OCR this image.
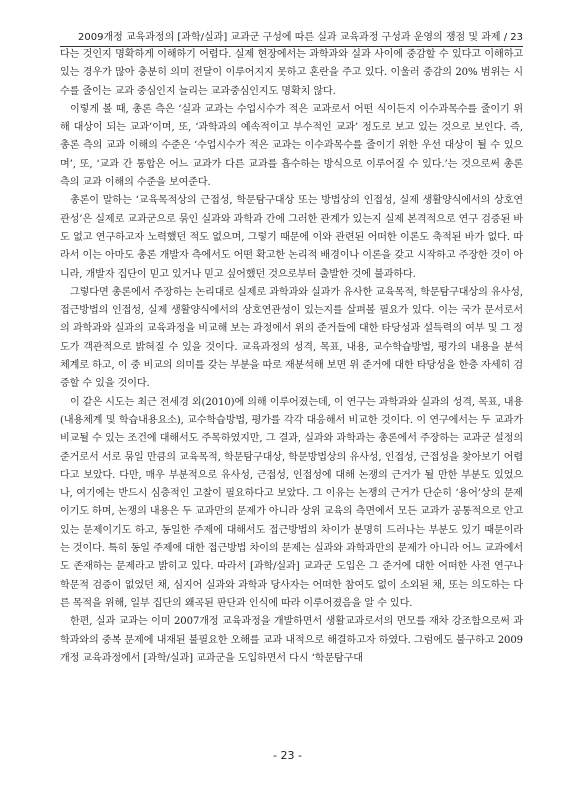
2009개정 교육과정의 [과학/실과] 교과군 구성에 따른 실과 교육과정 구성과 운영의 쟁점 및 과제 / 23

다는 것인지 명확하게 이해하기 어렵다. 실제 현장에서는 과학과와 실과 사이에 중감할 수 있다고 이해하고 있는 경우가 많아 충분히 의미 전달이 이루어지지 못하고 혼란을 주고 있다. 이울러 중감의 20% 범위는 시수를 줄이는 교과 중심인지 늘리는 교과중심인지도 명확치 않다.

이렇게 볼 때, 총론 측은 ‘실과 교과는 수업시수가 적은 교과로서 어떤 식이든지 이수과목수를 줄이기 위해 대상이 되는 교과’이며, 또, ‘과학과의 예속적이고 부수적인 교과’ 정도로 보고 있는 것으로 보인다. 즉, 총론 측의 교과 이해의 수준은 ‘수업시수가 적은 교과는 이수과목수를 줄이기 위한 우선 대상이 될 수 있으며’, 또, ‘교과 간 통합은 어느 교과가 다른 교과를 흡수하는 방식으로 이루어질 수 있다.’는 것으로써 총론 측의 교과 이해의 수준을 보여준다.

총론이 말하는 ‘교육목적상의 근접성, 학문탐구대상 또는 방법상의 인접성, 실제 생활양식에서의 상호연관성’은 실제로 교과군으로 묶인 실과와 과학과 간에 그러한 관계가 있는지 실제 본격적으로 연구 검증된 바도 없고 연구하고자 노력했던 적도 없으며, 그렇기 때문에 이와 관련된 어떠한 이론도 축적된 바가 없다. 따라서 이는 아마도 총론 개발자 측에서도 어떤 확고한 논리적 배경이나 이론을 갖고 시작하고 주장한 것이 아니라, 개발자 집단이 믿고 있거나 믿고 싶어했던 것으로부터 출발한 것에 불과하다.

그렇다면 총론에서 주장하는 논리대로 실제로 과학과와 실과가 유사한 교육목적, 학문탐구대상의 유사성, 접근방법의 인접성, 실제 생활양식에서의 상호연관성이 있는지를 살펴볼 필요가 있다. 이는 국가 문서로서의 과학과와 실과의 교육과정을 비교해 보는 과정에서 위의 준거들에 대한 타당성과 설득력의 여부 및 그 정도가 객관적으로 밝혀질 수 있을 것이다. 교육과정의 성격, 목표, 내용, 교수학습방법, 평가의 내용을 분석 체계로 하고, 이 중 비교의 의미를 갖는 부분을 따로 재분석해 보면 위 준거에 대한 타당성을 한층 자세히 검증할 수 있을 것이다.

이 같은 시도는 최근 전세경 외(2010)에 의해 이루어졌는데, 이 연구는 과학과와 실과의 성격, 목표, 내용(내용체계 및 학습내용요소), 교수학습방법, 평가를 각각 대응해서 비교한 것이다. 이 연구에서는 두 교과가 비교될 수 있는 조건에 대해서도 주목하였지만, 그 결과, 실과와 과학과는 총론에서 주장하는 교과군 설정의 준거로서 서로 묶일 만큼의 교육목적, 학문탐구대상, 학문방법상의 유사성, 인접성, 근접성을 찾아보기 어렵다고 보았다. 다만, 매우 부분적으로 유사성, 근접성, 인접성에 대해 논쟁의 근거가 될 만한 부분도 있었으나, 여기에는 반드시 심층적인 고찰이 필요하다고 보았다. 그 이유는 논쟁의 근거가 단순히 ‘용어’상의 문제이기도 하며, 논쟁의 내용은 두 교과만의 문제가 아니라 상위 교육의 측면에서 모든 교과가 공통적으로 안고 있는 문제이기도 하고, 동일한 주제에 대해서도 접근방법의 차이가 분명히 드러나는 부분도 있기 때문이라는 것이다. 특히 동일 주제에 대한 접근방법 차이의 문제는 실과와 과학과만의 문제가 아니라 어느 교과에서도 존재하는 문제라고 밝히고 있다. 따라서 [과학/실과] 교과군 도입은 그 준거에 대한 어떠한 사전 연구나 학문적 검증이 없었던 채, 심지어 실과와 과학과 당사자는 어떠한 참여도 없이 소외된 채, 또는 의도하는 다른 목적을 위해, 일부 집단의 왜곡된 판단과 인식에 따라 이루어졌음을 알 수 있다.

한편, 실과 교과는 이미 2007개정 교육과정을 개발하면서 생활교과로서의 면모를 재차 강조함으로써 과학과와의 중복 문제에 내재된 불필요한 오해를 교과 내적으로 해결하고자 하였다. 그럼에도 불구하고 2009개정 교육과정에서 [과학/실과] 교과군을 도입하면서 다시 ‘학문탐구대

- 23 -
